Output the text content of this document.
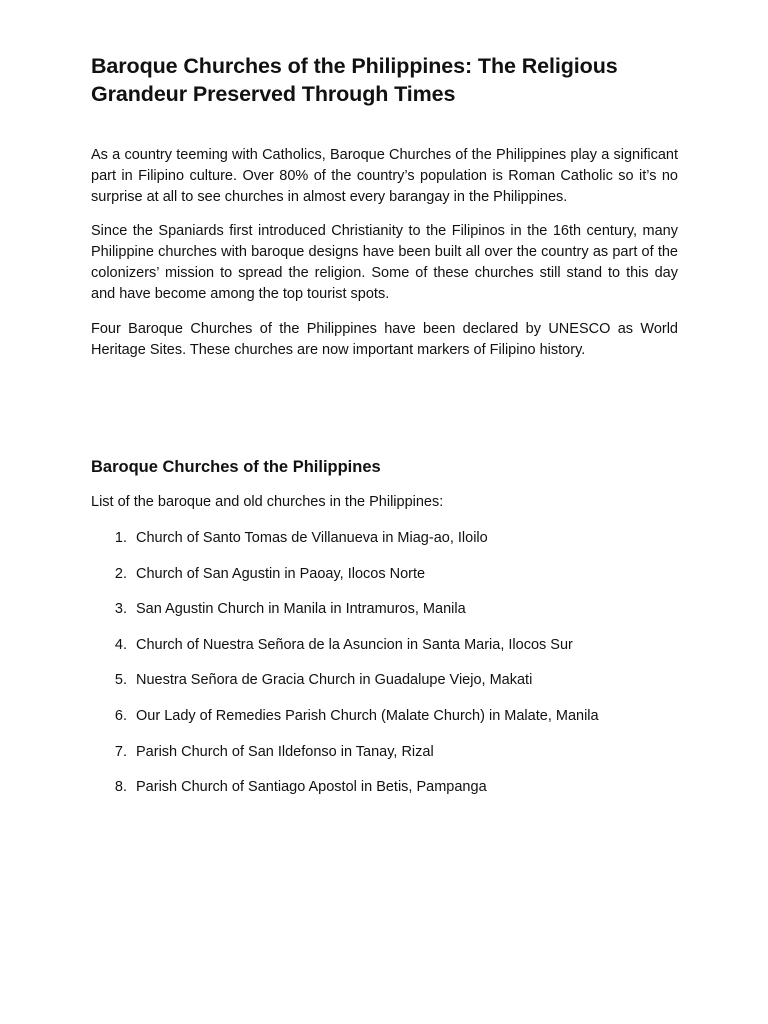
Baroque Churches of the Philippines: The Religious Grandeur Preserved Through Times

As a country teeming with Catholics, Baroque Churches of the Philippines play a significant part in Filipino culture. Over 80% of the country’s population is Roman Catholic so it’s no surprise at all to see churches in almost every barangay in the Philippines.

Since the Spaniards first introduced Christianity to the Filipinos in the 16th century, many Philippine churches with baroque designs have been built all over the country as part of the colonizers’ mission to spread the religion. Some of these churches still stand to this day and have become among the top tourist spots.

Four Baroque Churches of the Philippines have been declared by UNESCO as World Heritage Sites. These churches are now important markers of Filipino history.

Baroque Churches of the Philippines

List of the baroque and old churches in the Philippines:

1. Church of Santo Tomas de Villanueva in Miag-ao, Iloilo
2. Church of San Agustin in Paoay, Ilocos Norte
3. San Agustin Church in Manila in Intramuros, Manila
4. Church of Nuestra Señora de la Asuncion in Santa Maria, Ilocos Sur
5. Nuestra Señora de Gracia Church in Guadalupe Viejo, Makati
6. Our Lady of Remedies Parish Church (Malate Church) in Malate, Manila
7. Parish Church of San Ildefonso in Tanay, Rizal
8. Parish Church of Santiago Apostol in Betis, Pampanga
